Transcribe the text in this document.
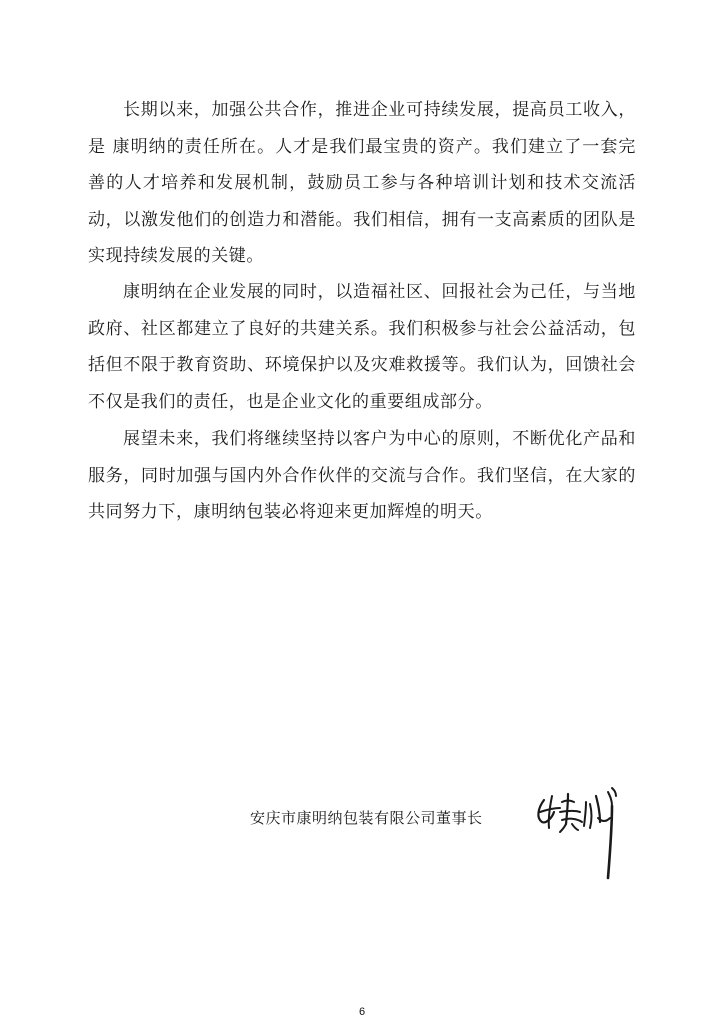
长期以来，加强公共合作，推进企业可持续发展，提高员工收入，是 康明纳的责任所在。人才是我们最宝贵的资产。我们建立了一套完善的人才培养和发展机制，鼓励员工参与各种培训计划和技术交流活动，以激发他们的创造力和潜能。我们相信，拥有一支高素质的团队是实现持续发展的关键。

康明纳在企业发展的同时，以造福社区、回报社会为己任，与当地政府、社区都建立了良好的共建关系。我们积极参与社会公益活动，包括但不限于教育资助、环境保护以及灾难救援等。我们认为，回馈社会不仅是我们的责任，也是企业文化的重要组成部分。

展望未来，我们将继续坚持以客户为中心的原则，不断优化产品和服务，同时加强与国内外合作伙伴的交流与合作。我们坚信，在大家的共同努力下，康明纳包装必将迎来更加辉煌的明天。

安庆市康明纳包装有限公司董事长
6
